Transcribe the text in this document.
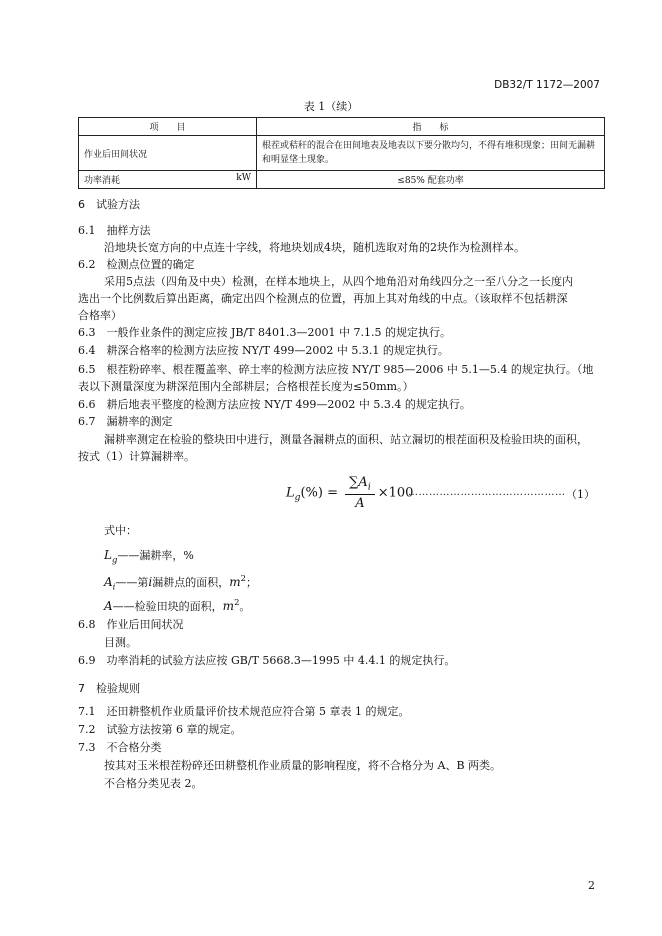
DB32/T 1172—2007
表 1（续）
项　　目	指　　标
作业后田间状况	根茬或秸秆的混合在田间地表及地表以下要分散均匀，不得有堆积现象；田间无漏耕和明显垡土现象。
功率消耗 kW	≤85% 配套功率
6　试验方法
6.1　抽样方法
沿地块长宽方向的中点连十字线，将地块划成4块，随机选取对角的2块作为检测样本。
6.2　检测点位置的确定
采用5点法（四角及中央）检测，在样本地块上，从四个地角沿对角线四分之一至八分之一长度内
选出一个比例数后算出距离，确定出四个检测点的位置，再加上其对角线的中点。（该取样不包括耕深
合格率）
6.3　一般作业条件的测定应按 JB/T 8401.3—2001 中 7.1.5 的规定执行。
6.4　耕深合格率的检测方法应按 NY/T 499—2002 中 5.3.1 的规定执行。
6.5　根茬粉碎率、根茬覆盖率、碎土率的检测方法应按 NY/T 985—2006 中 5.1—5.4 的规定执行。（地
表以下测量深度为耕深范围内全部耕层；合格根茬长度为≤50mm。）
6.6　耕后地表平整度的检测方法应按 NY/T 499—2002 中 5.3.4 的规定执行。
6.7　漏耕率的测定
漏耕率测定在检验的整块田中进行，测量各漏耕点的面积、站立漏切的根茬面积及检验田块的面积，
按式（1）计算漏耕率。
$L_g(\%) = \frac{\sum A_i}{A} \times 100$
……………………………………… （1）
式中：
$L_g——$漏耕率，%
$A_i——$第i漏耕点的面积，$m^2$；
A——检验田块的面积，$m^2$。
6.8　作业后田间状况
目测。
6.9　功率消耗的试验方法应按 GB/T 5668.3—1995 中 4.4.1 的规定执行。
7　检验规则
7.1　还田耕整机作业质量评价技术规范应符合第 5 章表 1 的规定。
7.2　试验方法按第 6 章的规定。
7.3　不合格分类
按其对玉米根茬粉碎还田耕整机作业质量的影响程度，将不合格分为 A、B 两类。
不合格分类见表 2。
2
